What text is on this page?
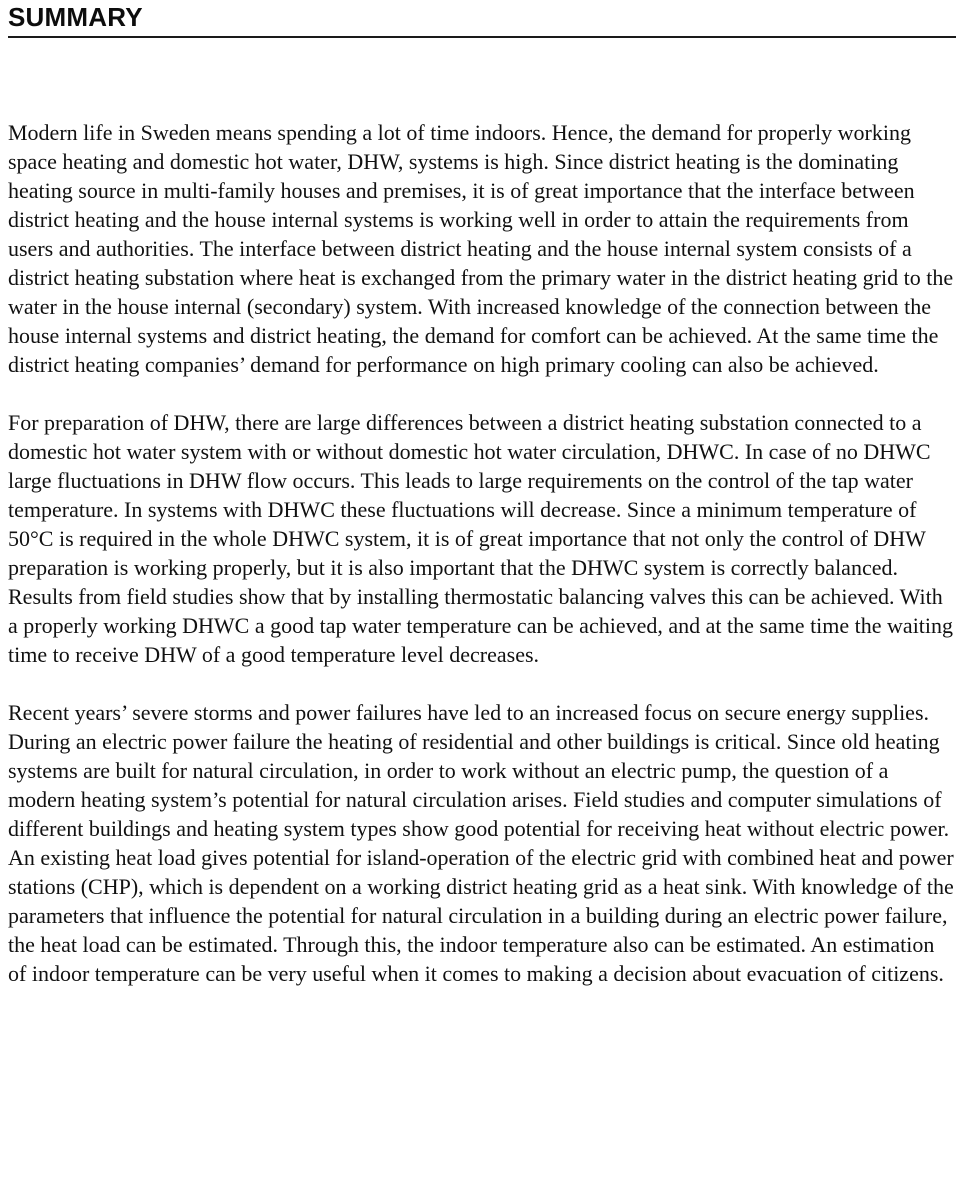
SUMMARY

Modern life in Sweden means spending a lot of time indoors. Hence, the demand for properly working space heating and domestic hot water, DHW, systems is high. Since district heating is the dominating heating source in multi-family houses and premises, it is of great importance that the interface between district heating and the house internal systems is working well in order to attain the requirements from users and authorities. The interface between district heating and the house internal system consists of a district heating substation where heat is exchanged from the primary water in the district heating grid to the water in the house internal (secondary) system. With increased knowledge of the connection between the house internal systems and district heating, the demand for comfort can be achieved. At the same time the district heating companies’ demand for performance on high primary cooling can also be achieved.

For preparation of DHW, there are large differences between a district heating substation connected to a domestic hot water system with or without domestic hot water circulation, DHWC. In case of no DHWC large fluctuations in DHW flow occurs. This leads to large requirements on the control of the tap water temperature. In systems with DHWC these fluctuations will decrease. Since a minimum temperature of 50°C is required in the whole DHWC system, it is of great importance that not only the control of DHW preparation is working properly, but it is also important that the DHWC system is correctly balanced. Results from field studies show that by installing thermostatic balancing valves this can be achieved. With a properly working DHWC a good tap water temperature can be achieved, and at the same time the waiting time to receive DHW of a good temperature level decreases.

Recent years’ severe storms and power failures have led to an increased focus on secure energy supplies. During an electric power failure the heating of residential and other buildings is critical. Since old heating systems are built for natural circulation, in order to work without an electric pump, the question of a modern heating system’s potential for natural circulation arises. Field studies and computer simulations of different buildings and heating system types show good potential for receiving heat without electric power. An existing heat load gives potential for island-operation of the electric grid with combined heat and power stations (CHP), which is dependent on a working district heating grid as a heat sink. With knowledge of the parameters that influence the potential for natural circulation in a building during an electric power failure, the heat load can be estimated. Through this, the indoor temperature also can be estimated. An estimation of indoor temperature can be very useful when it comes to making a decision about evacuation of citizens.
